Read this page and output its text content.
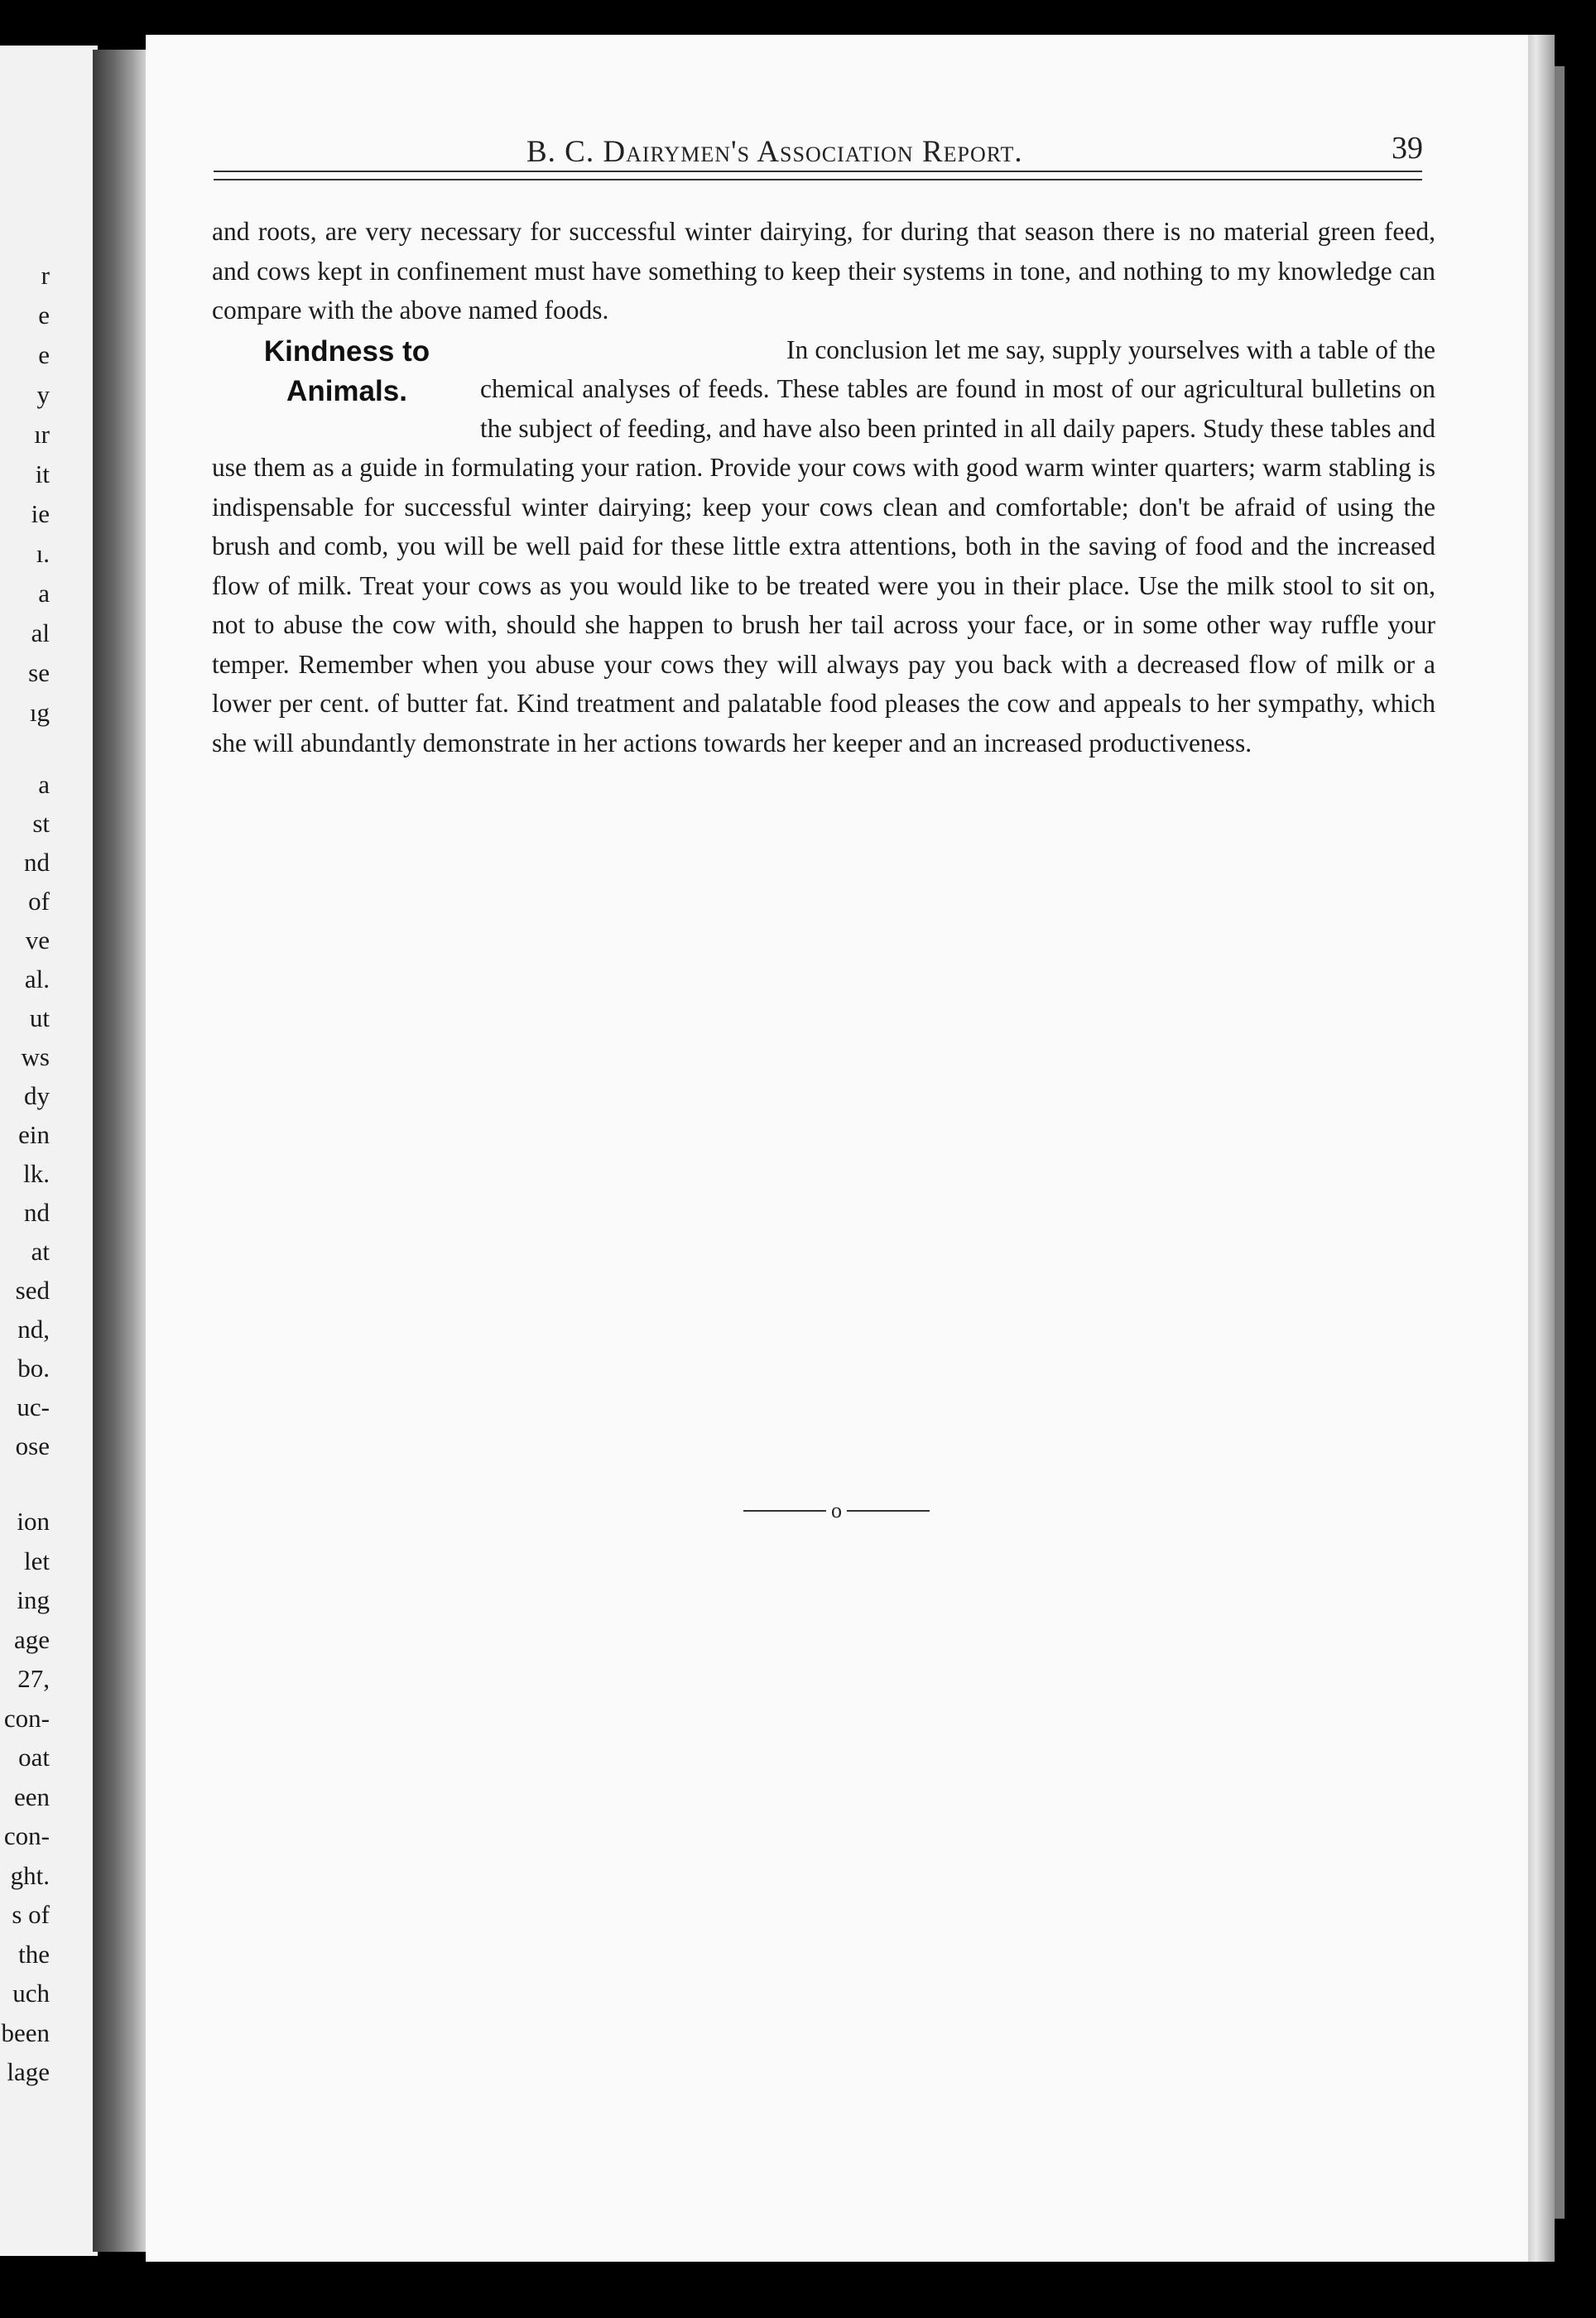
r
e
e
y
ır
it
ie
ı.
a
al
se
ıg
a
st
nd
of
ve
al.
ut
ws
dy
ein
lk.
nd
at
sed
nd,
bo.
uc-
ose
ion
let
ing
age
27,
con-
oat
een
con-
ght.
s of
the
uch
been
lage
B. C. Dairymen's Association Report.	39

and roots, are very necessary for successful winter dairying, for during that season there is no material green feed, and cows kept in confinement must have something to keep their systems in tone, and nothing to my knowledge can compare with the above named foods.

Kindness to
Animals.

In conclusion let me say, supply yourselves with a table of the chemical analyses of feeds. These tables are found in most of our agricultural bulletins on the subject of feeding, and have also been printed in all daily papers. Study these tables and use them as a guide in formulating your ration. Provide your cows with good warm winter quarters; warm stabling is indispensable for successful winter dairying; keep your cows clean and comfortable; don't be afraid of using the brush and comb, you will be well paid for these little extra attentions, both in the saving of food and the increased flow of milk. Treat your cows as you would like to be treated were you in their place. Use the milk stool to sit on, not to abuse the cow with, should she happen to brush her tail across your face, or in some other way ruffle your temper. Remember when you abuse your cows they will always pay you back with a decreased flow of milk or a lower per cent. of butter fat. Kind treatment and palatable food pleases the cow and appeals to her sympathy, which she will abundantly demonstrate in her actions towards her keeper and an increased productiveness.

o
